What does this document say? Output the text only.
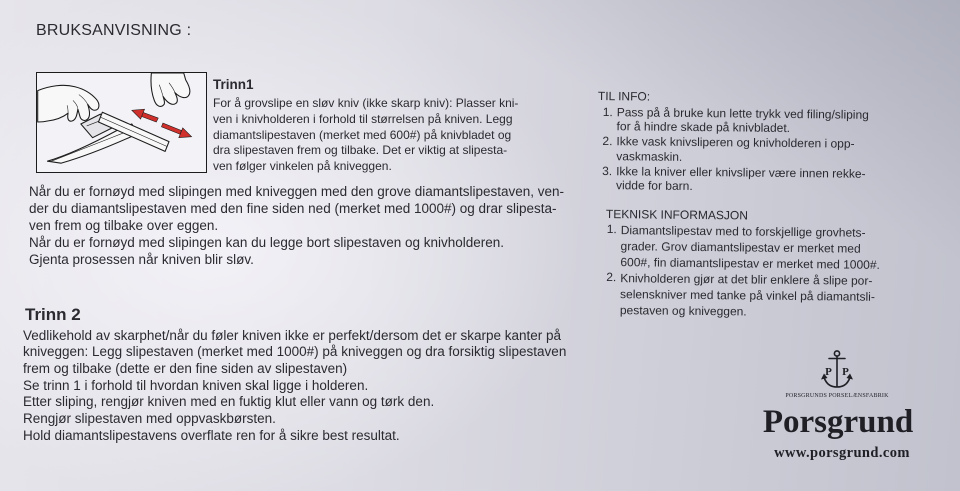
BRUKSANVISNING :
Trinn1
For å grovslipe en sløv kniv (ikke skarp kniv): Plasser kni-
ven i knivholderen i forhold til størrelsen på kniven. Legg
diamantslipestaven (merket med 600#) på knivbladet og
dra slipestaven frem og tilbake. Det er viktig at slipesta-
ven følger vinkelen på kniveggen.
Når du er fornøyd med slipingen med kniveggen med den grove diamantslipestaven, ven-
der du diamantslipestaven med den fine siden ned (merket med 1000#) og drar slipesta-
ven frem og tilbake over eggen.
Når du er fornøyd med slipingen kan du legge bort slipestaven og knivholderen.
Gjenta prosessen når kniven blir sløv.
Trinn 2
Vedlikehold av skarphet/når du føler kniven ikke er perfekt/dersom det er skarpe kanter på
kniveggen: Legg slipestaven (merket med 1000#) på kniveggen og dra forsiktig slipestaven
frem og tilbake (dette er den fine siden av slipestaven)
Se trinn 1 i forhold til hvordan kniven skal ligge i holderen.
Etter sliping, rengjør kniven med en fuktig klut eller vann og tørk den.
Rengjør slipestaven med oppvaskbørsten.
Hold diamantslipestavens overflate ren for å sikre best resultat.
TIL INFO:
1. Pass på å bruke kun lette trykk ved filing/sliping
for å hindre skade på knivbladet.
2. Ikke vask knivsliperen og knivholderen i opp-
vaskmaskin.
3. Ikke la kniver eller knivsliper være innen rekke-
vidde for barn.
TEKNISK INFORMASJON
1. Diamantslipestav med to forskjellige grovhets-
grader. Grov diamantslipestav er merket med
600#, fin diamantslipestav er merket med 1000#.
2. Knivholderen gjør at det blir enklere å slipe por-
selenskniver med tanke på vinkel på diamantsli-
pestaven og kniveggen.
P P
PORSGRUNDS PORSELÆNSFABRIK
Porsgrund
www.porsgrund.com
